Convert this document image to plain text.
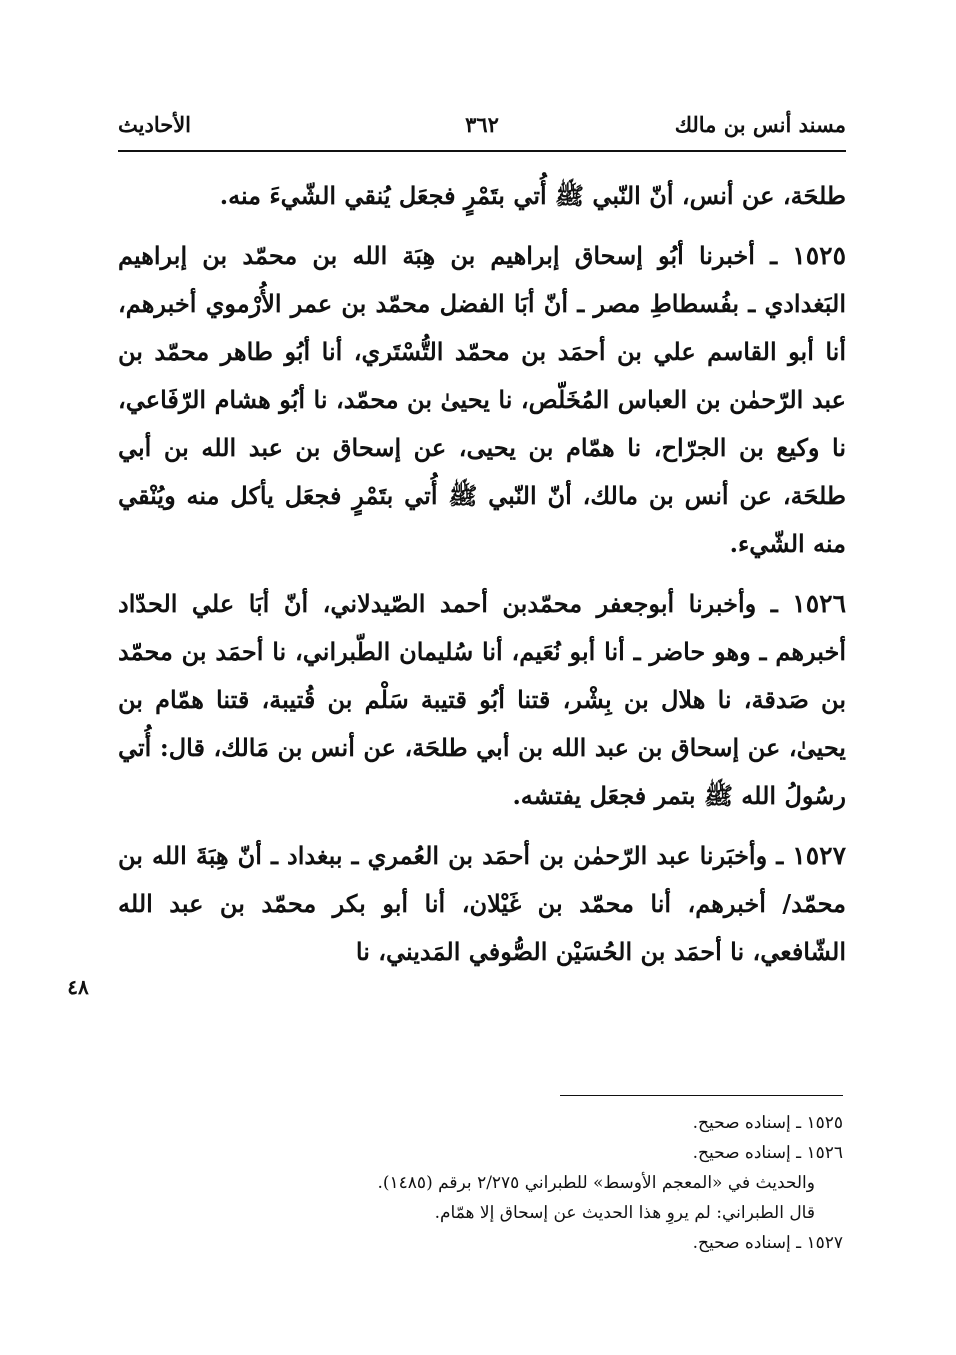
مسند أنس بن مالك
٣٦٢
الأحاديث

طلحَة، عن أنس، أنّ النّبي ﷺ أُتي بتَمْرٍ فجعَل يُنقي الشّيءَ منه.

١٥٢٥ ـ أخبرنا أبُو إسحاق إبراهيم بن هِبَة الله بن محمّد بن إبراهيم البَغدادي ـ بفُسطاطِ مصر ـ أنّ أبَا الفضل محمّد بن عمر الأُرْموي أخبرهم، أنا أبو القاسم علي بن أحمَد بن محمّد التُّسْتَري، أنا أبُو طاهر محمّد بن عبد الرّحمٰن بن العباس المُخَلّص، نا يحيىٰ بن محمّد، نا أبُو هشام الرّفَاعي، نا وكيع بن الجرّاح، نا همّام بن يحيى، عن إسحاق بن عبد الله بن أبي طلحَة، عن أنس بن مالك، أنّ النّبي ﷺ أُتي بتَمْرٍ فجعَل يأكل منه ويُنْقي منه الشّيء.

١٥٢٦ ـ وأخبرنا أبوجعفر محمّدبن أحمد الصّيدلاني، أنّ أبَا علي الحدّاد أخبرهم ـ وهو حاضر ـ أنا أبو نُعَيم، أنا سُليمان الطّبراني، نا أحمَد بن محمّد بن صَدقة، نا هلال بن بِشْر، قتنا أبُو قتيبة سَلْم بن قُتيبة، قتنا همّام بن يحيىٰ، عن إسحاق بن عبد الله بن أبي طلحَة، عن أنس بن مَالك، قال: أُتي رسُولُ الله ﷺ بتمر فجعَل يفتشه.

١٥٢٧ ـ وأخبَرنا عبد الرّحمٰن بن أحمَد بن العُمري ـ ببغداد ـ أنّ هِبَةَ الله بن محمّد/ أخبرهم، أنا محمّد بن غَيْلان، أنا أبو بكر محمّد بن عبد الله الشّافعي، نا أحمَد بن الحُسَيْن الصُّوفي المَديني، نا

٤٨

١٥٢٥ ـ إسناده صحيح.

١٥٢٦ ـ إسناده صحيح.

والحديث في «المعجم الأوسط» للطبراني ٢/٢٧٥ برقم (١٤٨٥).

قال الطبراني: لم يروِ هذا الحديث عن إسحاق إلا همّام.

١٥٢٧ ـ إسناده صحيح.
